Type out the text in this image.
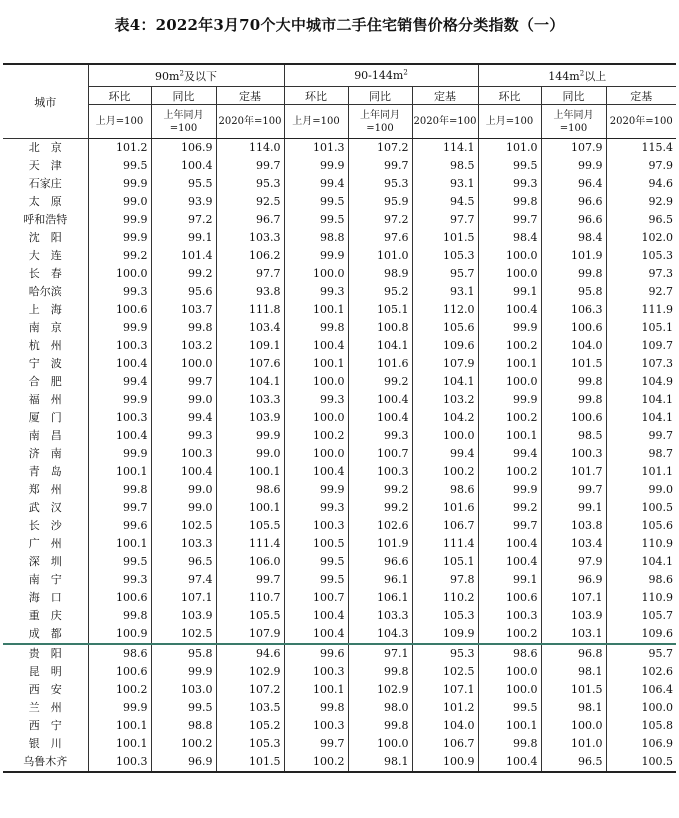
表4：2022年3月70个大中城市二手住宅销售价格分类指数（一）
城市	$90m^2$及以下			$90-144m^2$			$144m^2$以上		
	环比	同比	定基	环比	同比	定基	环比	同比	定基
	上月=100	上年同月=100	2020年=100	上月=100	上年同月=100	2020年=100	上月=100	上年同月=100	2020年=100
北　京	101.2	106.9	114.0	101.3	107.2	114.1	101.0	107.9	115.4
天　津	99.5	100.4	99.7	99.9	99.7	98.5	99.5	99.9	97.9
石家庄	99.9	95.5	95.3	99.4	95.3	93.1	99.3	96.4	94.6
太　原	99.0	93.9	92.5	99.5	95.9	94.5	99.8	96.6	92.9
呼和浩特	99.9	97.2	96.7	99.5	97.2	97.7	99.7	96.6	96.5
沈　阳	99.9	99.1	103.3	98.8	97.6	101.5	98.4	98.4	102.0
大　连	99.2	101.4	106.2	99.9	101.0	105.3	100.0	101.9	105.3
长　春	100.0	99.2	97.7	100.0	98.9	95.7	100.0	99.8	97.3
哈尔滨	99.3	95.6	93.8	99.3	95.2	93.1	99.1	95.8	92.7
上　海	100.6	103.7	111.8	100.1	105.1	112.0	100.4	106.3	111.9
南　京	99.9	99.8	103.4	99.8	100.8	105.6	99.9	100.6	105.1
杭　州	100.3	103.2	109.1	100.4	104.1	109.6	100.2	104.0	109.7
宁　波	100.4	100.0	107.6	100.1	101.6	107.9	100.1	101.5	107.3
合　肥	99.4	99.7	104.1	100.0	99.2	104.1	100.0	99.8	104.9
福　州	99.9	99.0	103.3	99.3	100.4	103.2	99.9	99.8	104.1
厦　门	100.3	99.4	103.9	100.0	100.4	104.2	100.2	100.6	104.1
南　昌	100.4	99.3	99.9	100.2	99.3	100.0	100.1	98.5	99.7
济　南	99.9	100.3	99.0	100.0	100.7	99.4	99.4	100.3	98.7
青　岛	100.1	100.4	100.1	100.4	100.3	100.2	100.2	101.7	101.1
郑　州	99.8	99.0	98.6	99.9	99.2	98.6	99.9	99.7	99.0
武　汉	99.7	99.0	100.1	99.3	99.2	101.6	99.2	99.1	100.5
长　沙	99.6	102.5	105.5	100.3	102.6	106.7	99.7	103.8	105.6
广　州	100.1	103.3	111.4	100.5	101.9	111.4	100.4	103.4	110.9
深　圳	99.5	96.5	106.0	99.5	96.6	105.1	100.4	97.9	104.1
南　宁	99.3	97.4	99.7	99.5	96.1	97.8	99.1	96.9	98.6
海　口	100.6	107.1	110.7	100.7	106.1	110.2	100.6	107.1	110.9
重　庆	99.8	103.9	105.5	100.4	103.3	105.3	100.3	103.9	105.7
成　都	100.9	102.5	107.9	100.4	104.3	109.9	100.2	103.1	109.6
贵　阳	98.6	95.8	94.6	99.6	97.1	95.3	98.6	96.8	95.7
昆　明	100.6	99.9	102.9	100.3	99.8	102.5	100.0	98.1	102.6
西　安	100.2	103.0	107.2	100.1	102.9	107.1	100.0	101.5	106.4
兰　州	99.9	99.5	103.5	99.8	98.0	101.2	99.5	98.1	100.0
西　宁	100.1	98.8	105.2	100.3	99.8	104.0	100.1	100.0	105.8
银　川	100.1	100.2	105.3	99.7	100.0	106.7	99.8	101.0	106.9
乌鲁木齐	100.3	96.9	101.5	100.2	98.1	100.9	100.4	96.5	100.5
